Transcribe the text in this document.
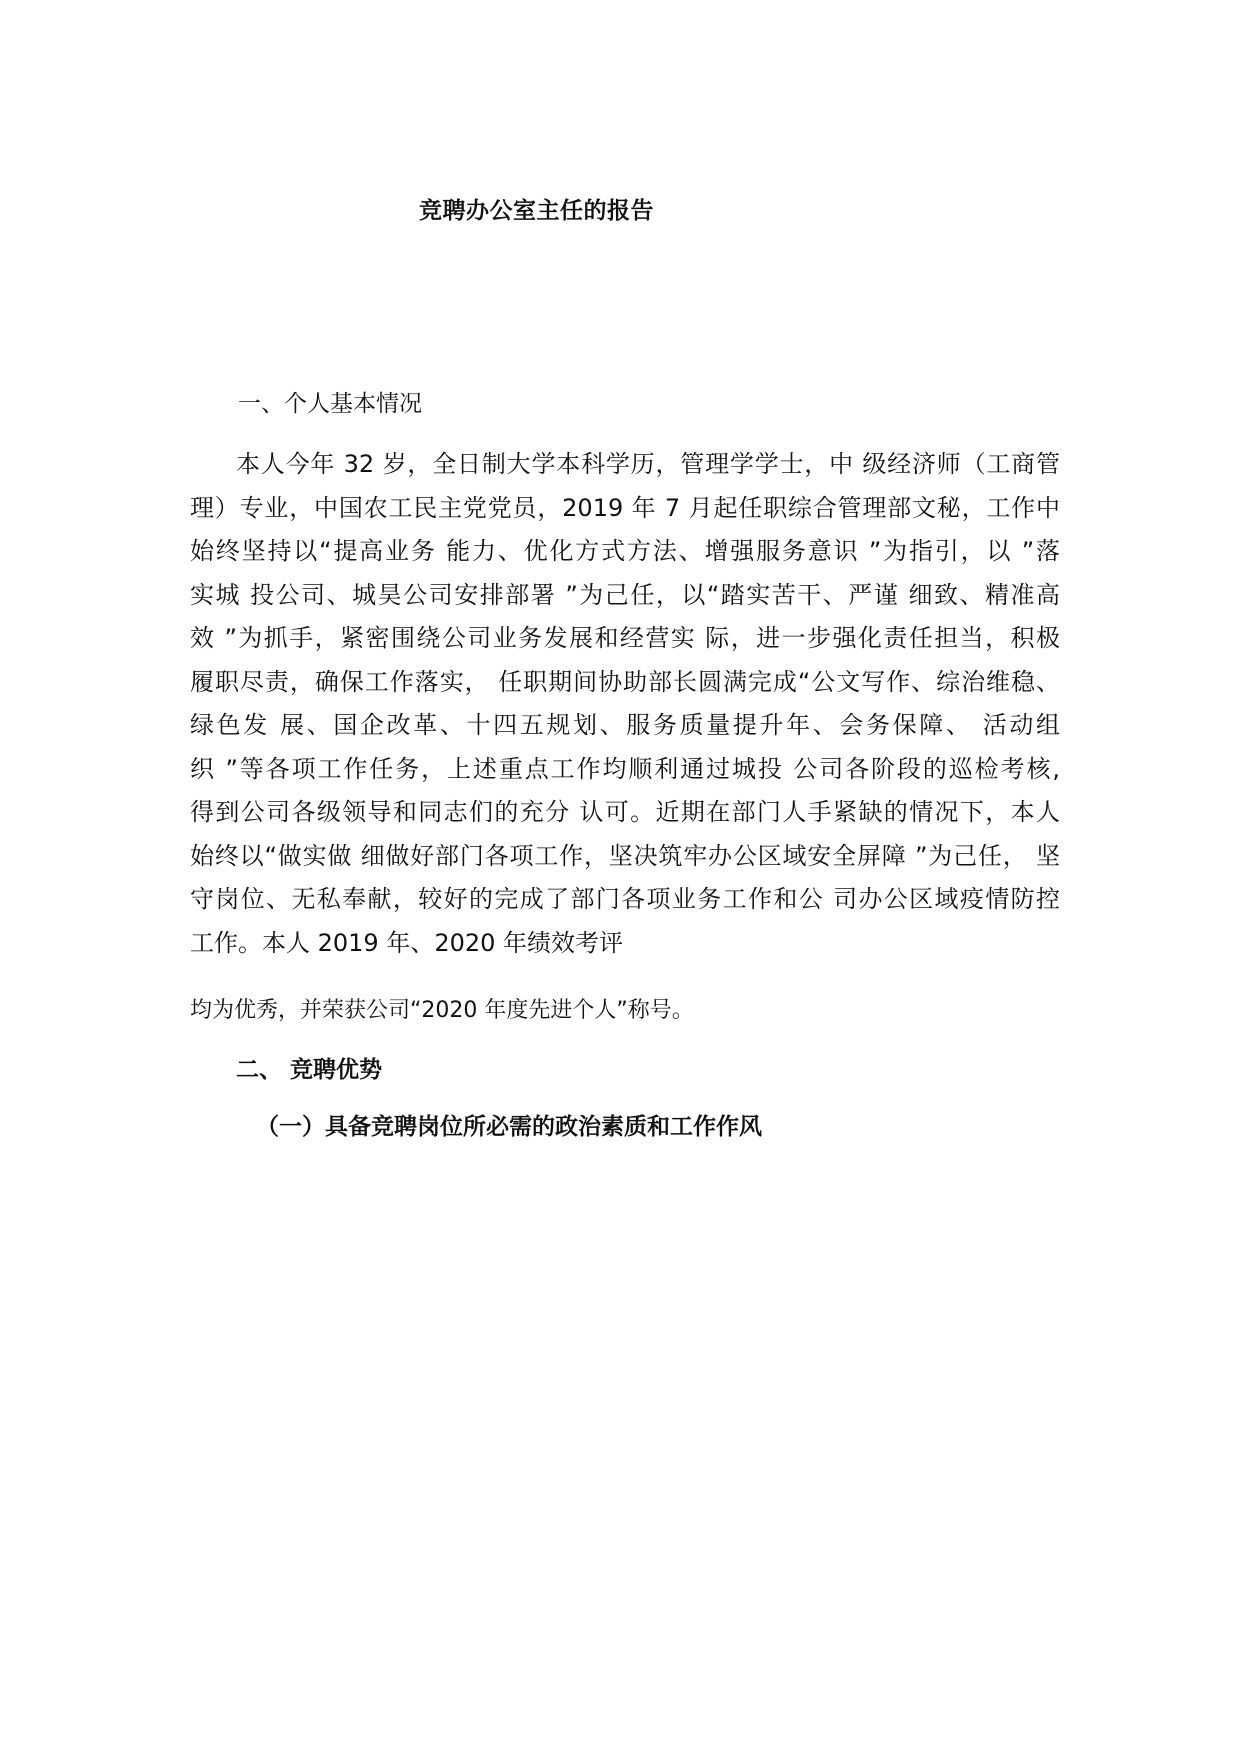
竞聘办公室主任的报告
一、个人基本情况
本人今年 32 岁，全日制大学本科学历，管理学学士，中 级经济师（工商管
理）专业，中国农工民主党党员，2019 年 7 月起任职综合管理部文秘，工作中
始终坚持以“提高业务 能力、优化方式方法、增强服务意识 ”为指引，以 ”落
实城 投公司、城昊公司安排部署 ”为己任，以“踏实苦干、严谨 细致、精准高
效 ”为抓手，紧密围绕公司业务发展和经营实 际，进一步强化责任担当，积极
履职尽责，确保工作落实， 任职期间协助部长圆满完成“公文写作、综治维稳、
绿色发 展、国企改革、十四五规划、服务质量提升年、会务保障、 活动组
织 ”等各项工作任务，上述重点工作均顺利通过城投 公司各阶段的巡检考核,
得到公司各级领导和同志们的充分 认可。近期在部门人手紧缺的情况下，本人
始终以“做实做 细做好部门各项工作，坚决筑牢办公区域安全屏障 ”为己任， 坚
守岗位、无私奉献，较好的完成了部门各项业务工作和公 司办公区域疫情防控
工作。本人 2019 年、2020 年绩效考评
均为优秀，并荣获公司“2020 年度先进个人”称号。
二、 竞聘优势
（一）具备竞聘岗位所必需的政治素质和工作作风
